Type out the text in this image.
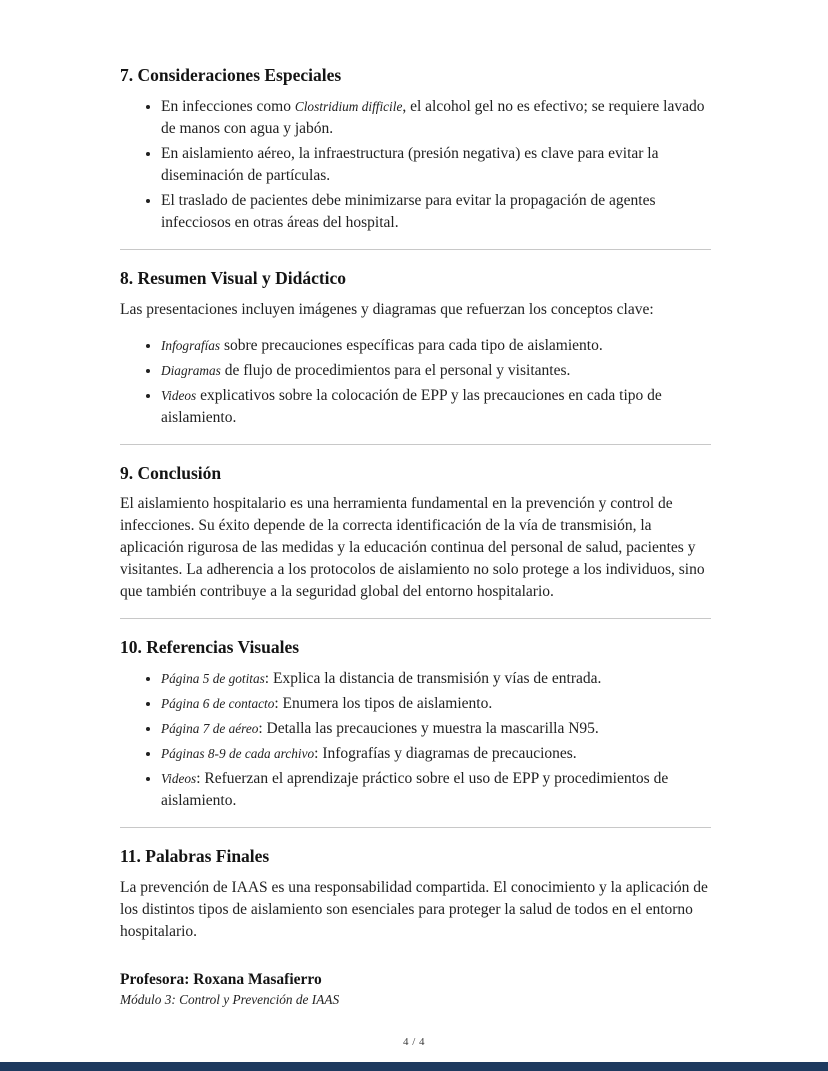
7. Consideraciones Especiales
• En infecciones como Clostridium difficile, el alcohol gel no es efectivo; se requiere lavado de manos con agua y jabón.
• En aislamiento aéreo, la infraestructura (presión negativa) es clave para evitar la diseminación de partículas.
• El traslado de pacientes debe minimizarse para evitar la propagación de agentes infecciosos en otras áreas del hospital.
8. Resumen Visual y Didáctico

Las presentaciones incluyen imágenes y diagramas que refuerzan los conceptos clave:

• Infografías sobre precauciones específicas para cada tipo de aislamiento.
• Diagramas de flujo de procedimientos para el personal y visitantes.
• Videos explicativos sobre la colocación de EPP y las precauciones en cada tipo de aislamiento.
9. Conclusión

El aislamiento hospitalario es una herramienta fundamental en la prevención y control de infecciones. Su éxito depende de la correcta identificación de la vía de transmisión, la aplicación rigurosa de las medidas y la educación continua del personal de salud, pacientes y visitantes. La adherencia a los protocolos de aislamiento no solo protege a los individuos, sino que también contribuye a la seguridad global del entorno hospitalario.

10. Referencias Visuales
• Página 5 de gotitas: Explica la distancia de transmisión y vías de entrada.
• Página 6 de contacto: Enumera los tipos de aislamiento.
• Página 7 de aéreo: Detalla las precauciones y muestra la mascarilla N95.
• Páginas 8-9 de cada archivo: Infografías y diagramas de precauciones.
• Videos: Refuerzan el aprendizaje práctico sobre el uso de EPP y procedimientos de aislamiento.
11. Palabras Finales

La prevención de IAAS es una responsabilidad compartida. El conocimiento y la aplicación de los distintos tipos de aislamiento son esenciales para proteger la salud de todos en el entorno hospitalario.

Profesora: Roxana Masafierro

Módulo 3: Control y Prevención de IAAS

4 / 4
